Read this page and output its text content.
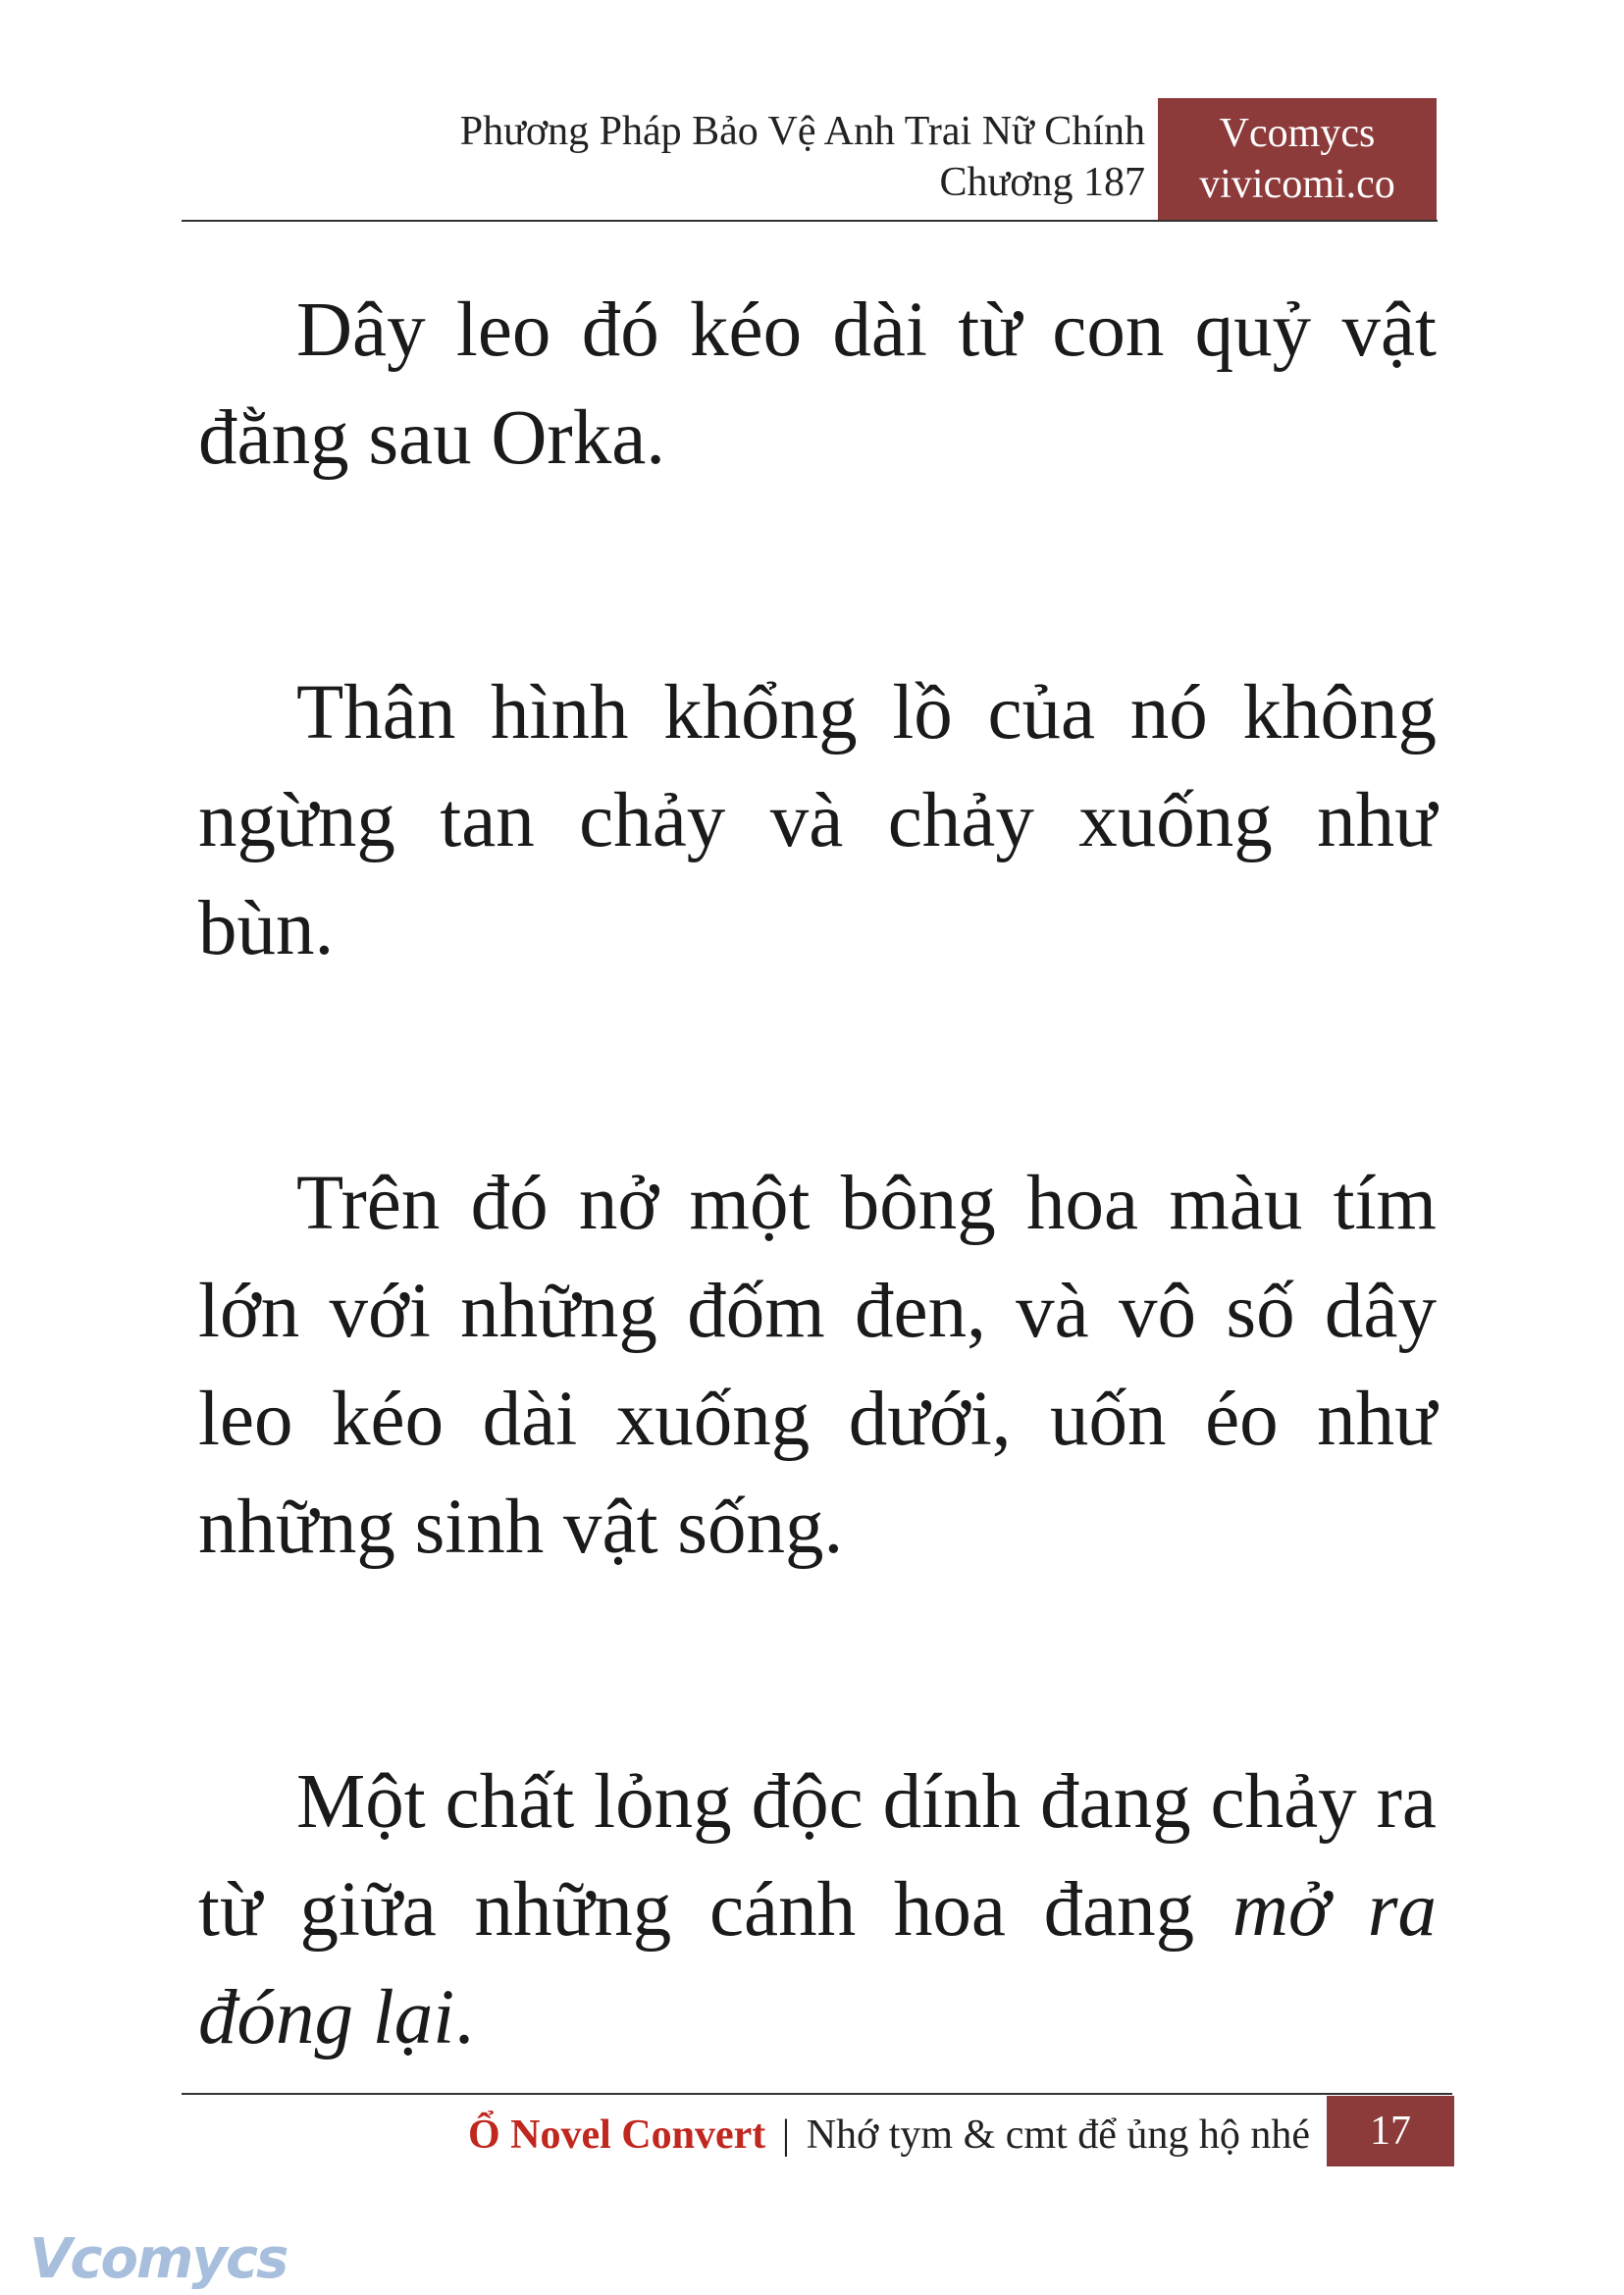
Phương Pháp Bảo Vệ Anh Trai Nữ Chính
Chương 187
Vcomycs
vivicomi.co

Dây leo đó kéo dài từ con quỷ vật đằng sau Orka.

Thân hình khổng lồ của nó không ngừng tan chảy và chảy xuống như bùn.

Trên đó nở một bông hoa màu tím lớn với những đốm đen, và vô số dây leo kéo dài xuống dưới, uốn éo như những sinh vật sống.

Một chất lỏng độc dính đang chảy ra từ giữa những cánh hoa đang mở ra đóng lại.

Ổ Novel Convert | Nhớ tym & cmt để ủng hộ nhé	17
Vcomycs
